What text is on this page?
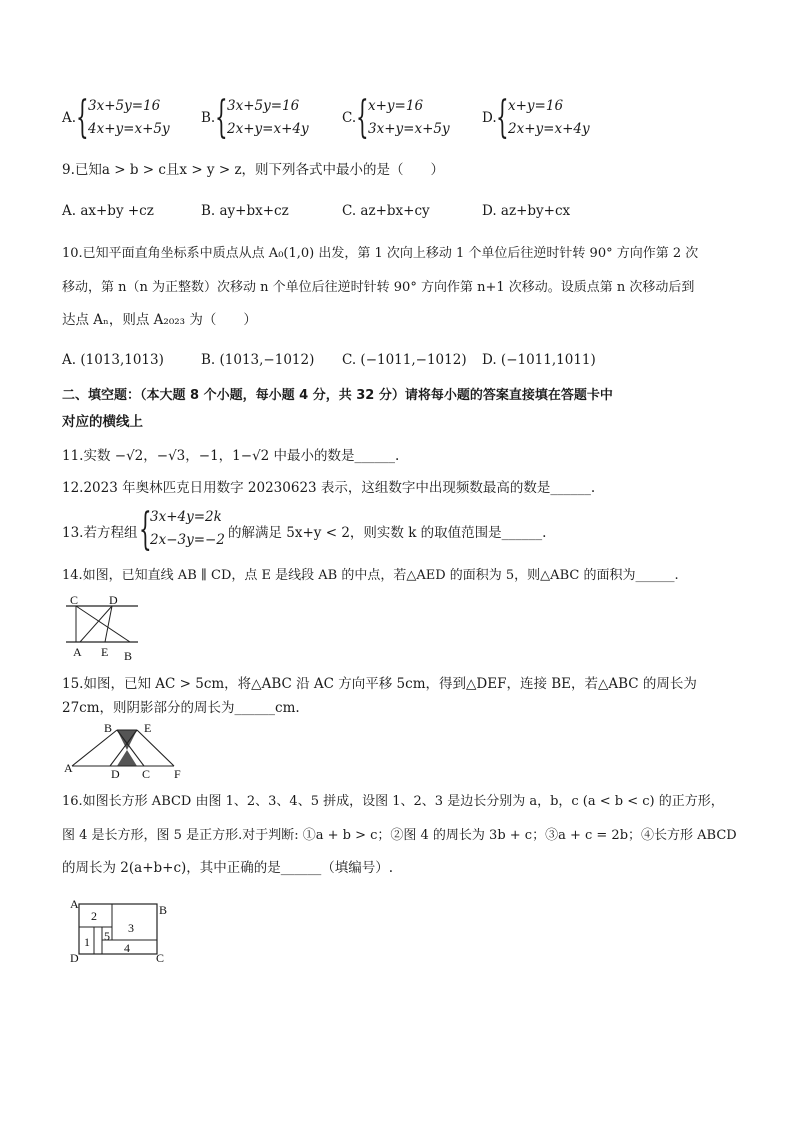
A. { 3x+5y=16
4x+y=x+5y
B. { 3x+5y=16
2x+y=x+4y
C. { x+y=16
3x+y=x+5y
D. { x+y=16
2x+y=x+4y
9.已知a > b > c且x > y > z，则下列各式中最小的是（　　）
A. ax+by +cz	B. ay+bx+cz	C. az+bx+cy	D. az+by+cx
10.已知平面直角坐标系中质点从点 A₀(1,0) 出发，第 1 次向上移动 1 个单位后往逆时针转 90° 方向作第 2 次
移动，第 n（n 为正整数）次移动 n 个单位后往逆时针转 90° 方向作第 n+1 次移动。设质点第 n 次移动后到
达点 Aₙ，则点 A₂₀₂₃ 为（　　）
A. (1013,1013)	B. (1013,−1012) C. (−1011,−1012) D. (−1011,1011)
二、填空题：（本大题 8 个小题，每小题 4 分，共 32 分）请将每小题的答案直接填在答题卡中
对应的横线上
11.实数 −√2，−√3，−1，1−√2 中最小的数是______.
12.2023 年奥林匹克日用数字 20230623 表示，这组数字中出现频数最高的数是______.
13.若方程组 {
3x+4y=2k
2x−3y=−2 的解满足 5x+y < 2，则实数 k 的取值范围是______.
14.如图，已知直线 AB ∥ CD，点 E 是线段 AB 的中点，若△AED 的面积为 5，则△ABC 的面积为______.
C	D
A E B
15.如图，已知 AC > 5cm，将△ABC 沿 AC 方向平移 5cm，得到△DEF，连接 BE，若△ABC 的周长为
27cm，则阴影部分的周长为______cm.
B	E
A	D C F
16.如图长方形 ABCD 由图 1、2、3、4、5 拼成，设图 1、2、3 是边长分别为 a，b，c (a < b < c) 的正方形，
图 4 是长方形，图 5 是正方形.对于判断: ①a + b > c；②图 4 的周长为 3b + c；③a + c = 2b；④长方形 ABCD
的周长为 2(a+b+c)，其中正确的是______（填编号）.
A	B
D	C
1
2
3
4
5
